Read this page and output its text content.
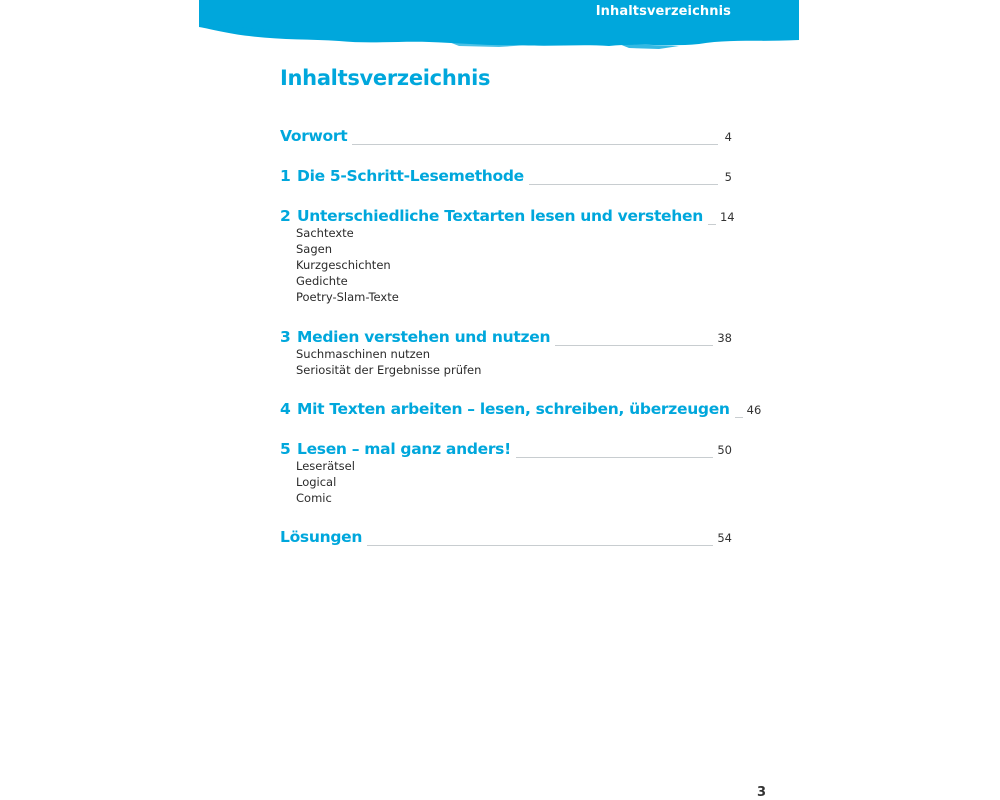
Inhaltsverzeichnis
Inhaltsverzeichnis
Vorwort	4
1 Die 5-Schritt-Lesemethode	5
2 Unterschiedliche Textarten lesen und verstehen 14
Sachtexte
Sagen
Kurzgeschichten
Gedichte
Poetry-Slam-Texte
3 Medien verstehen und nutzen	38
Suchmaschinen nutzen
Seriosität der Ergebnisse prüfen
4 Mit Texten arbeiten – lesen, schreiben, überzeugen 46
5 Lesen – mal ganz anders!	50
Leserätsel
Logical
Comic
Lösungen	54
3
